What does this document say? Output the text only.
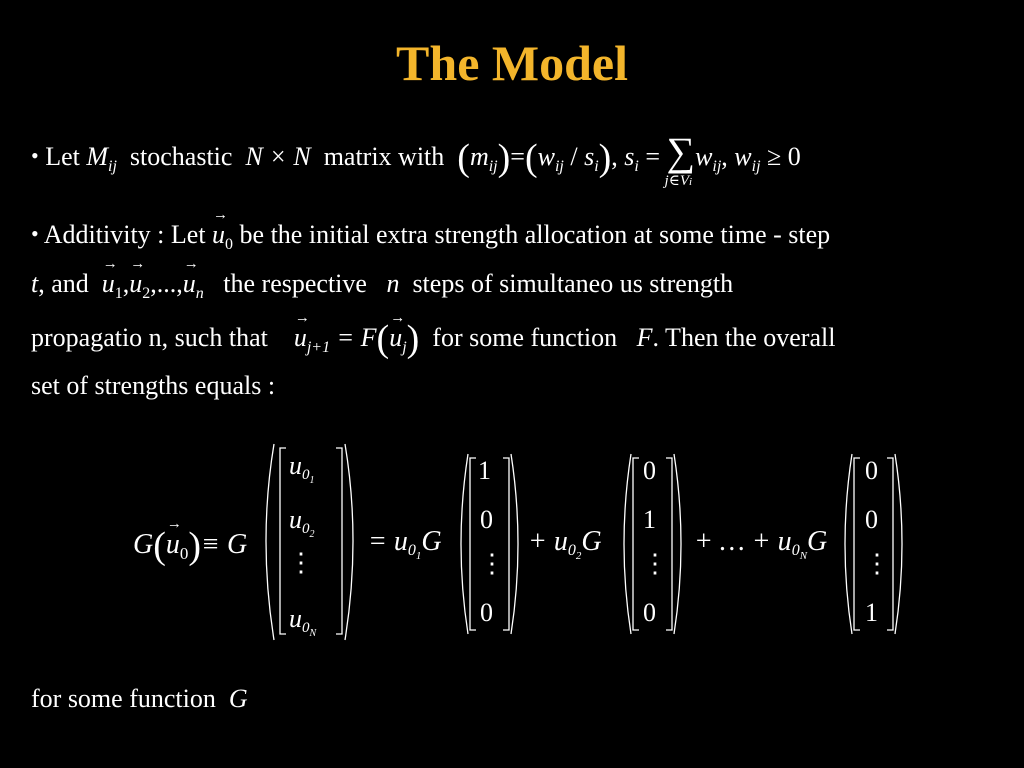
The Model
• Let $M_{ij}$ stochastic N × N matrix with $(m_{ij})=(w_{ij} / s_i)$, $s_i$ = ∑
j∈Vi
$w_{ij}$, $w_{ij} \ge 0$
• Additivity : Let → $u_0$ be the initial extra strength allocation at some time - step
t, and → $u_1,\to u_2,...,\to u_n$ the respective n steps of simultaneo us strength
propagatio n, such that → $u_{j+1} = F(\to u_j)$ for some function F. Then the overall
set of strengths equals :
$G(\to u_0)\equiv G$
$u0_1$
$u0_2$
⋮
$u0_N$
= $u0_1G$
1
0
⋮
0
+ $u0_2G$
0
1
⋮
0
+ … + $u0_NG$
0
0
⋮
1
for some function G
